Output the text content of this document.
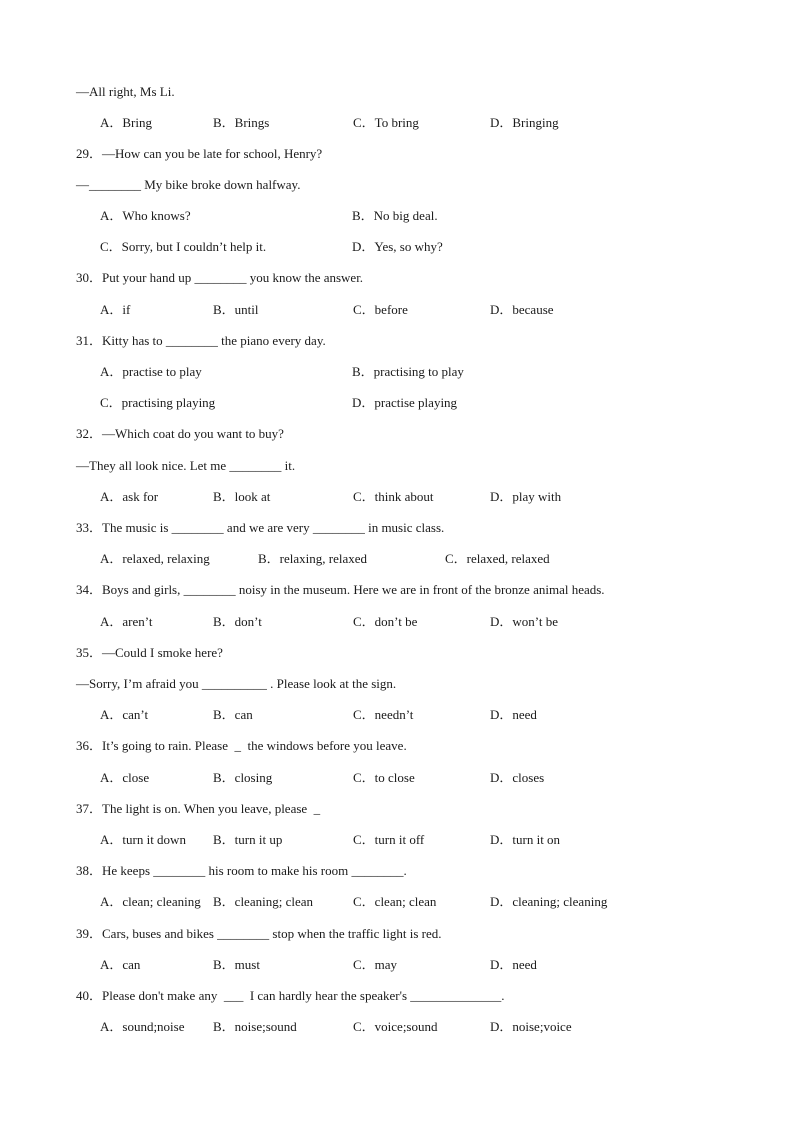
—All right, Ms Li.
A．Bring	B．Brings	C．To bring	D．Bringing
29．—How can you be late for school, Henry?
—________ My bike broke down halfway.
A．Who knows?	B．No big deal.
C．Sorry, but I couldn’t help it.	D．Yes, so why?
30．Put your hand up ________ you know the answer.
A．if	B．until	C．before	D．because
31．Kitty has to ________ the piano every day.
A．practise to play	B．practising to play
C．practising playing	D．practise playing
32．—Which coat do you want to buy?
—They all look nice. Let me ________ it.
A．ask for	B．look at	C．think about	D．play with
33．The music is ________ and we are very ________ in music class.
A．relaxed, relaxing	B．relaxing, relaxed	C．relaxed, relaxed
34．Boys and girls, ________ noisy in the museum. Here we are in front of the bronze animal heads.
A．aren’t	B．don’t	C．don’t be	D．won’t be
35．—Could I smoke here?
—Sorry, I’m afraid you __________ . Please look at the sign.
A．can’t	B．can	C．needn’t	D．need
36．It’s going to rain. Please  _  the windows before you leave.
A．close	B．closing	C．to close	D．closes
37．The light is on. When you leave, please  _
A．turn it down B．turn it up	C．turn it off	D．turn it on
38．He keeps ________ his room to make his room ________.
A．clean; cleaning B．cleaning; clean	C．clean; clean	D．cleaning; cleaning
39．Cars, buses and bikes ________ stop when the traffic light is red.
A．can	B．must	C．may	D．need
40．Please don't make any  ___  I can hardly hear the speaker's ______________.
A．sound;noise B．noise;sound	C．voice;sound	D．noise;voice
